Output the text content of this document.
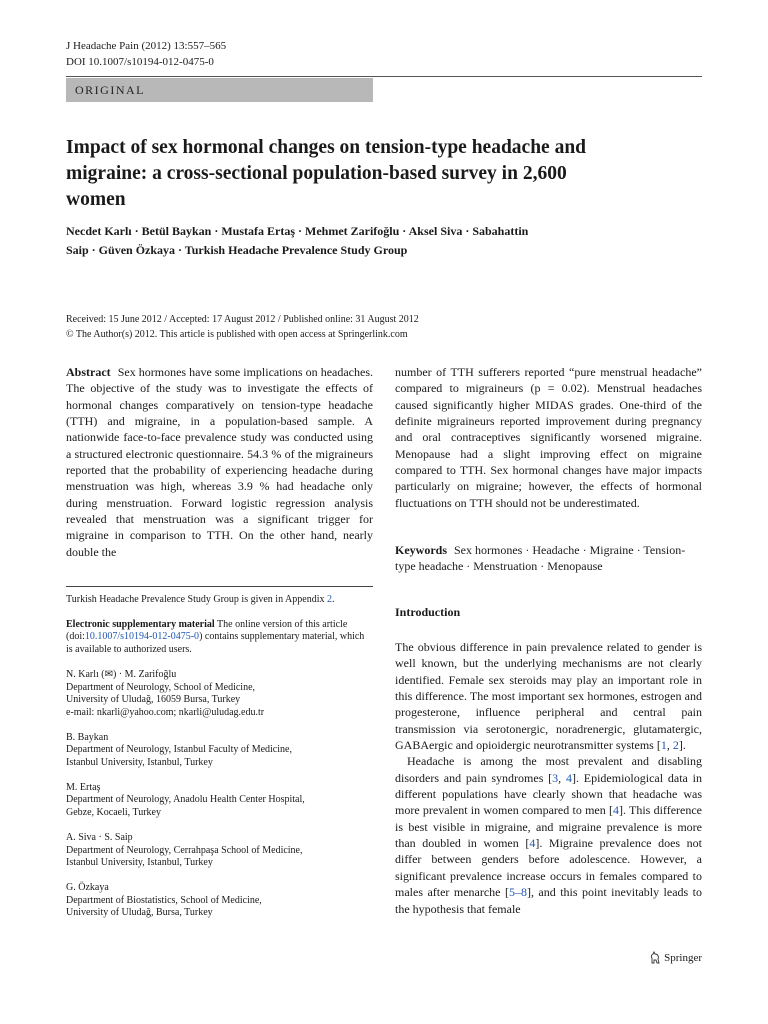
J Headache Pain (2012) 13:557–565
DOI 10.1007/s10194-012-0475-0
ORIGINAL
Impact of sex hormonal changes on tension-type headache and migraine: a cross-sectional population-based survey in 2,600 women
Necdet Karlı · Betül Baykan · Mustafa Ertaş · Mehmet Zarifoğlu · Aksel Siva · Sabahattin Saip · Güven Özkaya · Turkish Headache Prevalence Study Group
Received: 15 June 2012 / Accepted: 17 August 2012 / Published online: 31 August 2012
© The Author(s) 2012. This article is published with open access at Springerlink.com
Abstract Sex hormones have some implications on headaches. The objective of the study was to investigate the effects of hormonal changes comparatively on tension-type headache (TTH) and migraine, in a population-based sample. A nationwide face-to-face prevalence study was conducted using a structured electronic questionnaire. 54.3 % of the migraineurs reported that the probability of experiencing headache during menstruation was high, whereas 3.9 % had headache only during menstruation. Forward logistic regression analysis revealed that menstruation was a significant trigger for migraine in comparison to TTH. On the other hand, nearly double the
number of TTH sufferers reported “pure menstrual headache” compared to migraineurs (p = 0.02). Menstrual headaches caused significantly higher MIDAS grades. One-third of the definite migraineurs reported improvement during pregnancy and oral contraceptives significantly worsened migraine. Menopause had a slight improving effect on migraine compared to TTH. Sex hormonal changes have major impacts particularly on migraine; however, the effects of hormonal fluctuations on TTH should not be underestimated.
Keywords Sex hormones · Headache · Migraine · Tension-type headache · Menstruation · Menopause
Introduction

The obvious difference in pain prevalence related to gender is well known, but the underlying mechanisms are not clearly identified. Female sex steroids may play an important role in this difference. The most important sex hormones, estrogen and progesterone, influence peripheral and central pain transmission via serotonergic, noradrenergic, glutamatergic, GABAergic and opioidergic neurotransmitter systems [1, 2].

Headache is among the most prevalent and disabling disorders and pain syndromes [3, 4]. Epidemiological data in different populations have clearly shown that headache was more prevalent in women compared to men [4]. This difference is best visible in migraine, and migraine prevalence is more than doubled in women [4]. Migraine prevalence does not differ between genders before adolescence. However, a significant prevalence increase occurs in females compared to males after menarche [5–8], and this point inevitably leads to the hypothesis that female

Turkish Headache Prevalence Study Group is given in Appendix 2.
Electronic supplementary material The online version of this article (doi:10.1007/s10194-012-0475-0) contains supplementary material, which is available to authorized users.
N. Karlı (✉) · M. Zarifoğlu
Department of Neurology, School of Medicine,
University of Uludağ, 16059 Bursa, Turkey
e-mail: nkarli@yahoo.com; nkarli@uludag.edu.tr
B. Baykan
Department of Neurology, Istanbul Faculty of Medicine,
Istanbul University, Istanbul, Turkey
M. Ertaş
Department of Neurology, Anadolu Health Center Hospital,
Gebze, Kocaeli, Turkey
A. Siva · S. Saip
Department of Neurology, Cerrahpaşa School of Medicine,
Istanbul University, Istanbul, Turkey
G. Özkaya
Department of Biostatistics, School of Medicine,
University of Uludağ, Bursa, Turkey
Springer
